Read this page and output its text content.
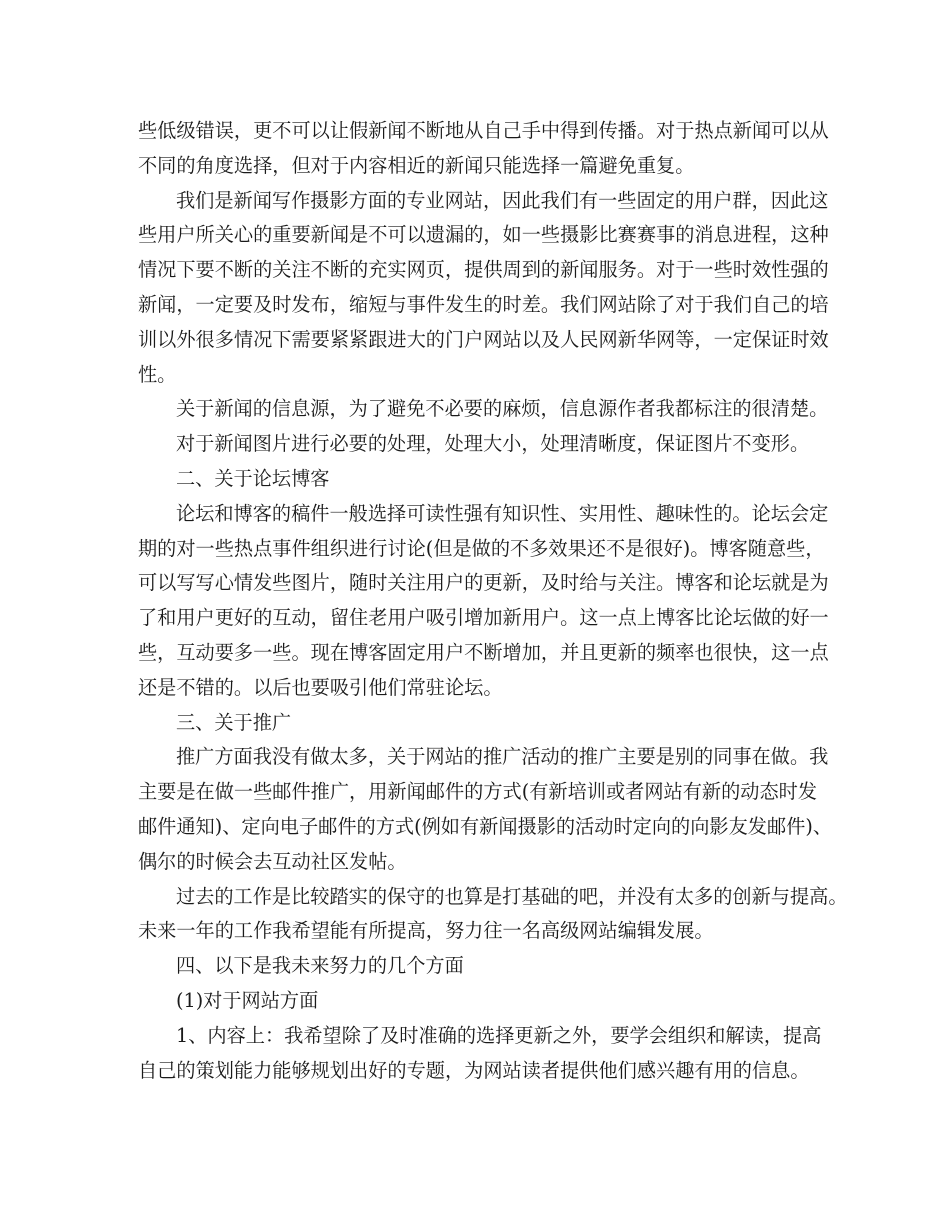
些低级错误，更不可以让假新闻不断地从自己手中得到传播。对于热点新闻可以从
不同的角度选择，但对于内容相近的新闻只能选择一篇避免重复。
我们是新闻写作摄影方面的专业网站，因此我们有一些固定的用户群，因此这
些用户所关心的重要新闻是不可以遗漏的，如一些摄影比赛赛事的消息进程，这种
情况下要不断的关注不断的充实网页，提供周到的新闻服务。对于一些时效性强的
新闻，一定要及时发布，缩短与事件发生的时差。我们网站除了对于我们自己的培
训以外很多情况下需要紧紧跟进大的门户网站以及人民网新华网等，一定保证时效
性。
关于新闻的信息源，为了避免不必要的麻烦，信息源作者我都标注的很清楚。
对于新闻图片进行必要的处理，处理大小，处理清晰度，保证图片不变形。
二、关于论坛博客
论坛和博客的稿件一般选择可读性强有知识性、实用性、趣味性的。论坛会定
期的对一些热点事件组织进行讨论(但是做的不多效果还不是很好)。博客随意些，
可以写写心情发些图片，随时关注用户的更新，及时给与关注。博客和论坛就是为
了和用户更好的互动，留住老用户吸引增加新用户。这一点上博客比论坛做的好一
些，互动要多一些。现在博客固定用户不断增加，并且更新的频率也很快，这一点
还是不错的。以后也要吸引他们常驻论坛。
三、关于推广
推广方面我没有做太多，关于网站的推广活动的推广主要是别的同事在做。我
主要是在做一些邮件推广，用新闻邮件的方式(有新培训或者网站有新的动态时发
邮件通知)、定向电子邮件的方式(例如有新闻摄影的活动时定向的向影友发邮件)、
偶尔的时候会去互动社区发帖。
过去的工作是比较踏实的保守的也算是打基础的吧，并没有太多的创新与提高。
未来一年的工作我希望能有所提高，努力往一名高级网站编辑发展。
四、以下是我未来努力的几个方面
(1)对于网站方面
1、内容上：我希望除了及时准确的选择更新之外，要学会组织和解读，提高
自己的策划能力能够规划出好的专题，为网站读者提供他们感兴趣有用的信息。
